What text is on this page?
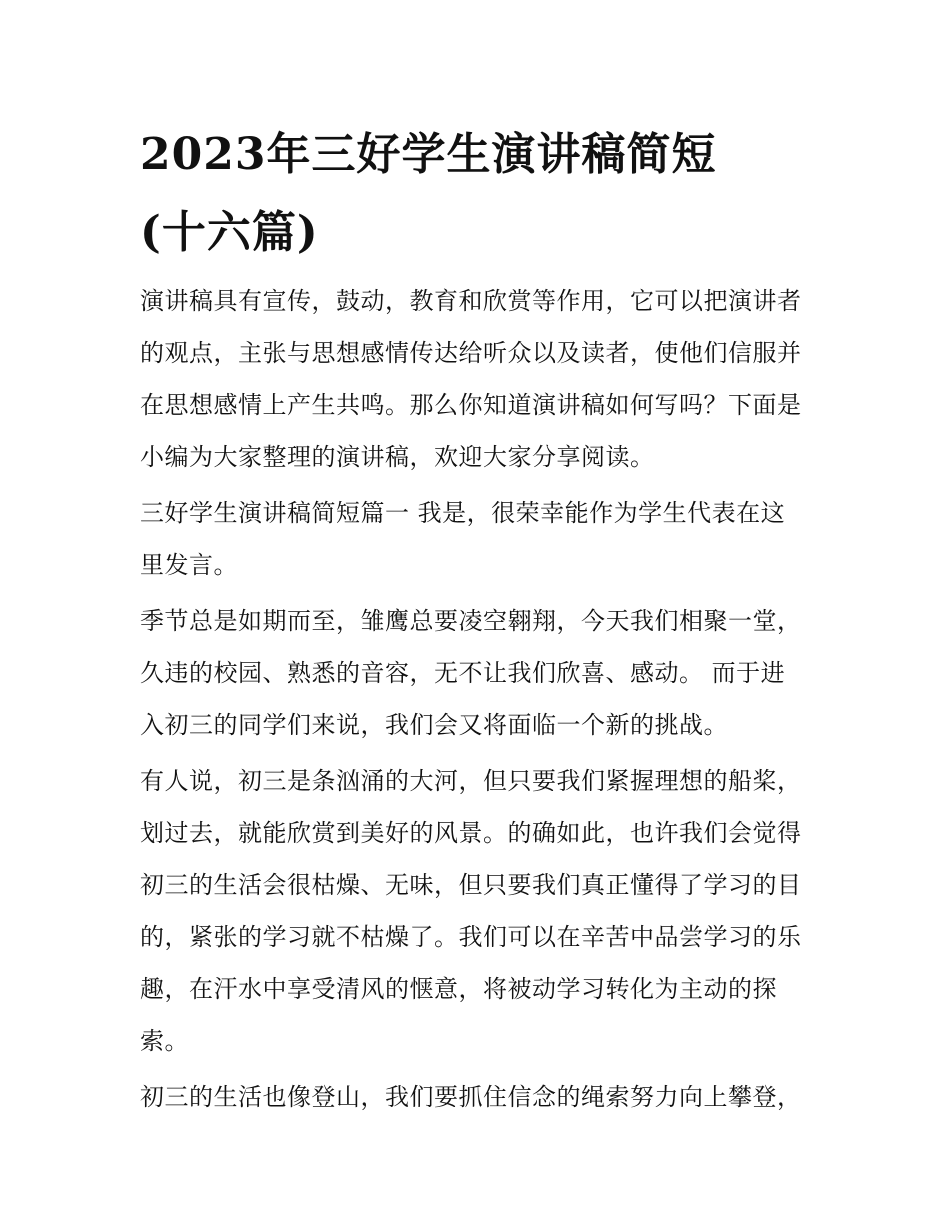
2023年三好学生演讲稿简短
(十六篇)

演讲稿具有宣传，鼓动，教育和欣赏等作用，它可以把演讲者
的观点，主张与思想感情传达给听众以及读者，使他们信服并
在思想感情上产生共鸣。那么你知道演讲稿如何写吗？下面是
小编为大家整理的演讲稿，欢迎大家分享阅读。

三好学生演讲稿简短篇一 我是，很荣幸能作为学生代表在这
里发言。

季节总是如期而至，雏鹰总要凌空翱翔，今天我们相聚一堂，
久违的校园、熟悉的音容，无不让我们欣喜、感动。 而于进
入初三的同学们来说，我们会又将面临一个新的挑战。

有人说，初三是条汹涌的大河，但只要我们紧握理想的船桨，
划过去，就能欣赏到美好的风景。的确如此，也许我们会觉得
初三的生活会很枯燥、无味，但只要我们真正懂得了学习的目
的，紧张的学习就不枯燥了。我们可以在辛苦中品尝学习的乐
趣，在汗水中享受清风的惬意，将被动学习转化为主动的探
索。

初三的生活也像登山，我们要抓住信念的绳索努力向上攀登，
